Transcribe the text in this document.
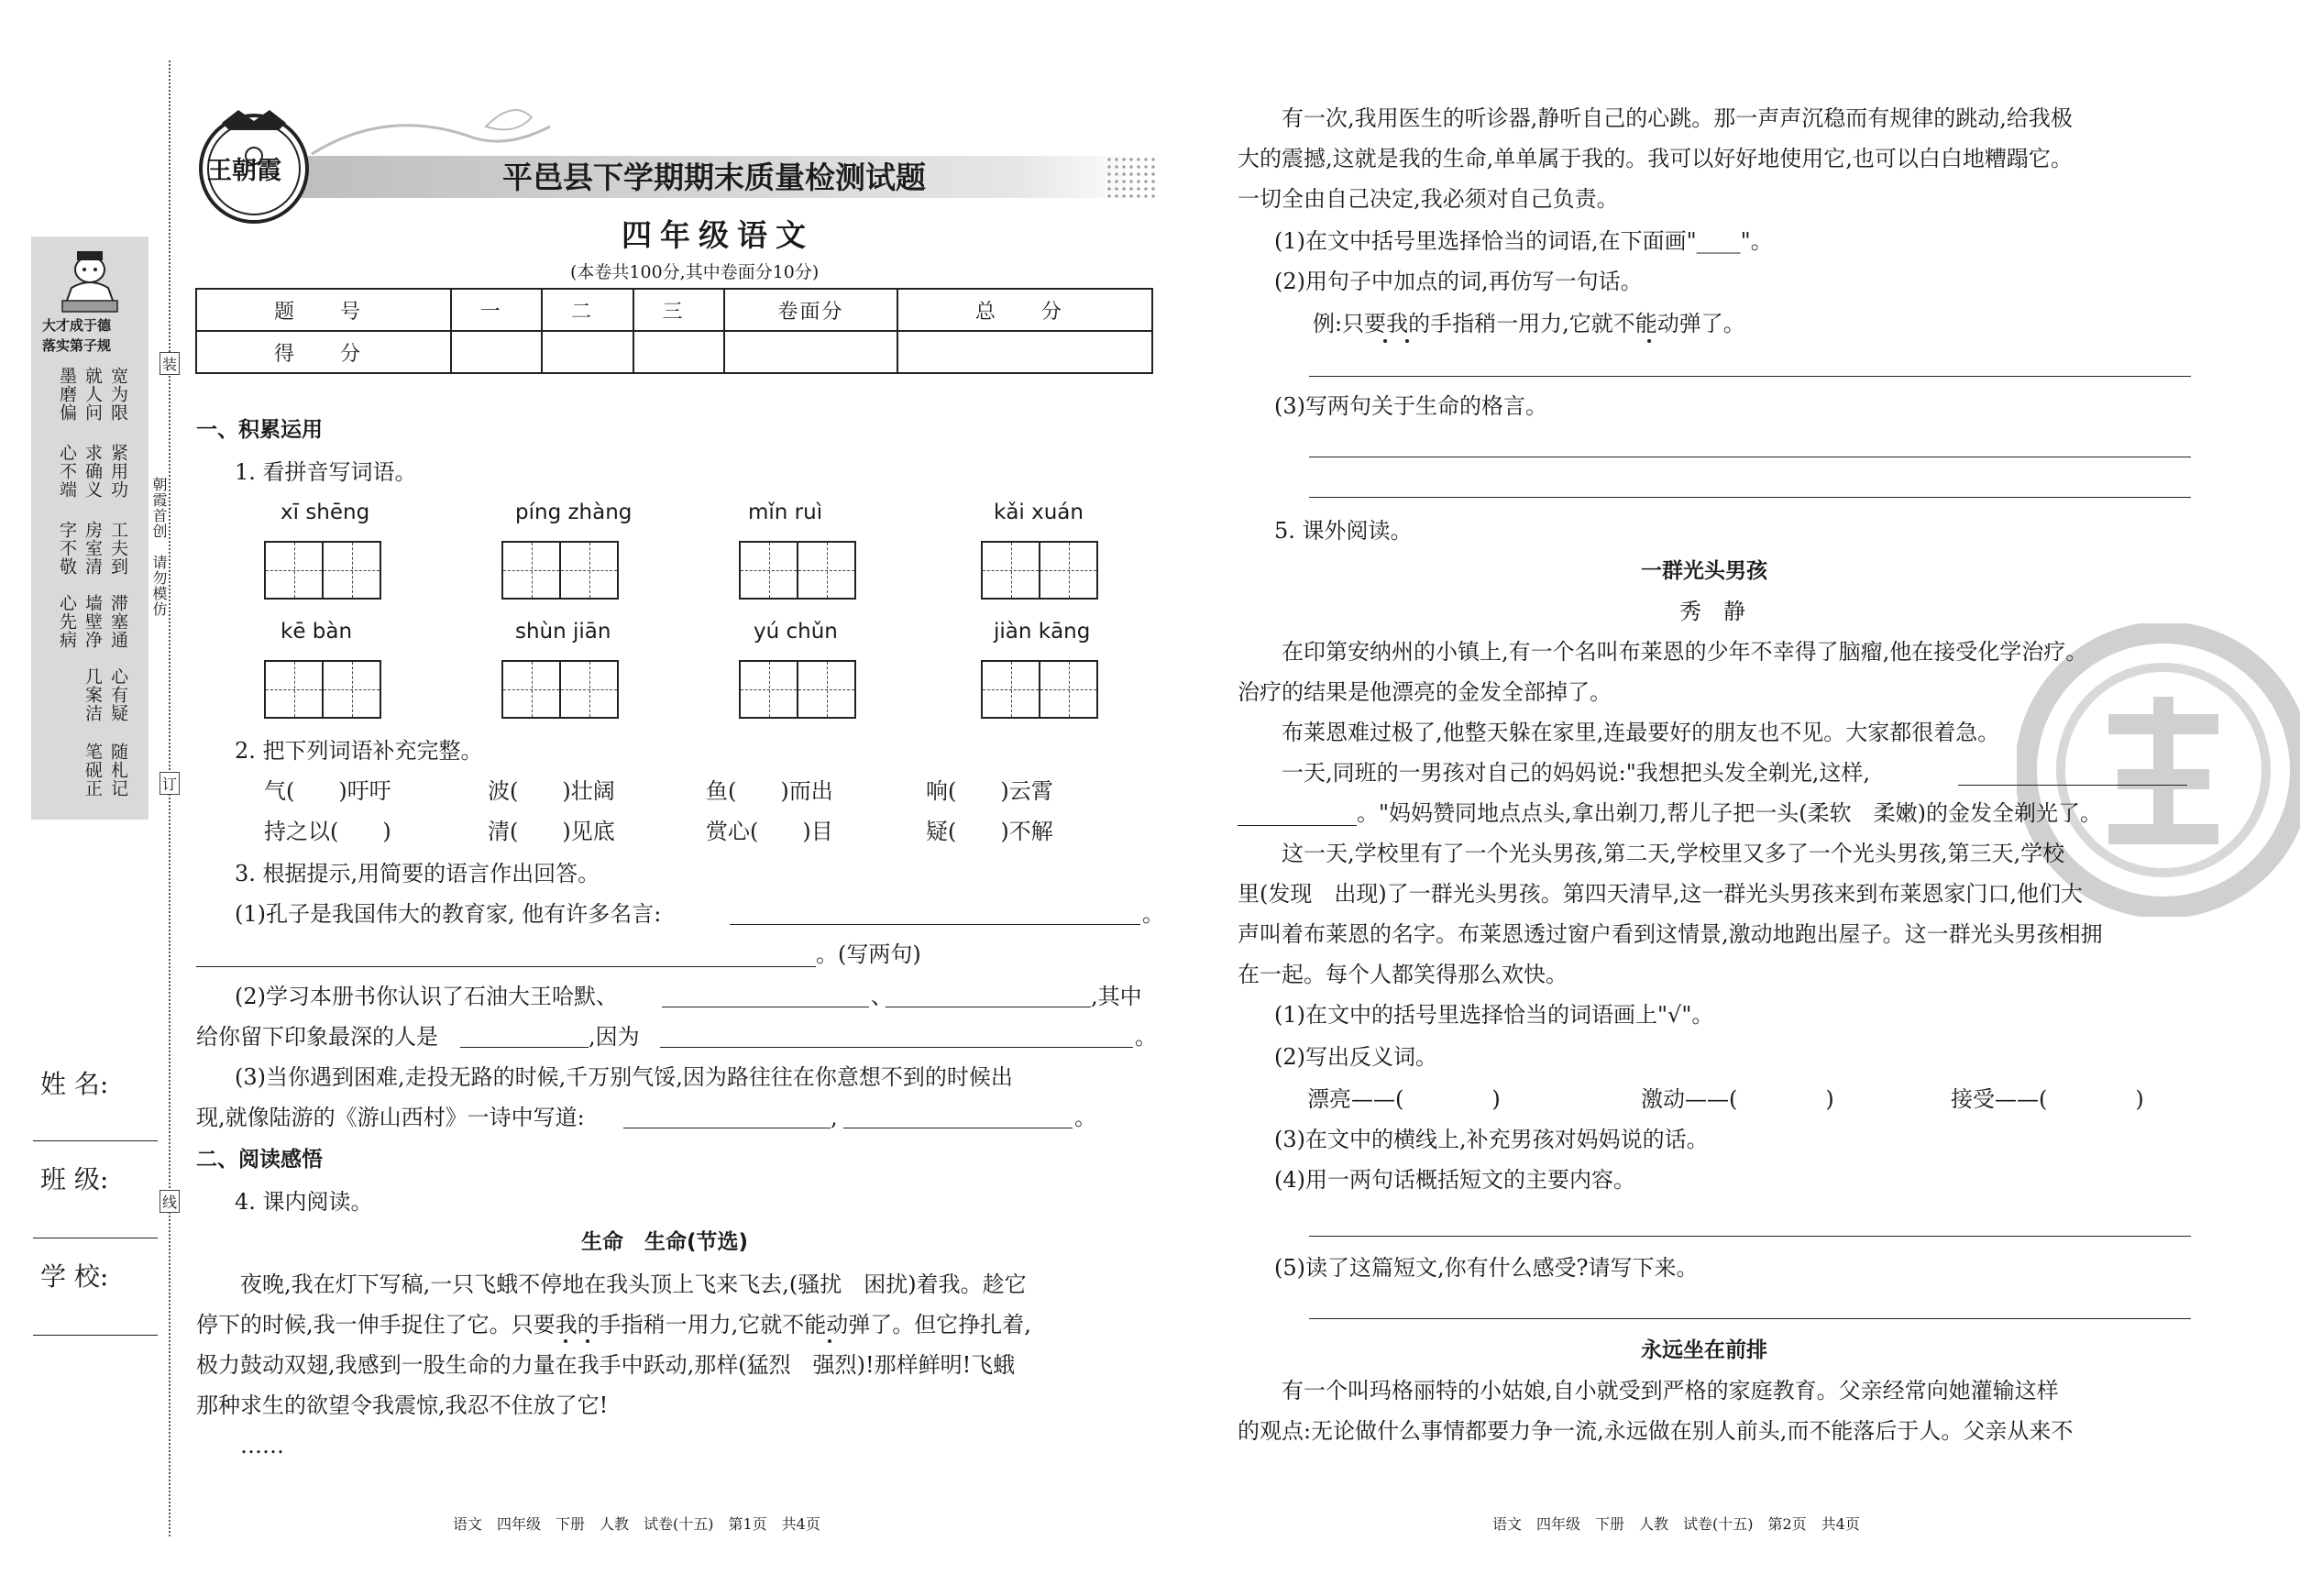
大才成于德
落实第子规
宽为限
紧用功
工夫到
滞塞通
心有疑
随札记
就人问
求确义
房室清
墙壁净
几案洁
笔砚正
墨磨偏
心不端
字不敬
心先病
装
订
线
朝霞首创　请勿模仿
姓 名:
班 级:
学 校:
王朝霞	平邑县下学期期末质量检测试题
四年级语文
(本卷共100分,其中卷面分10分)
题　号	一	二	三	卷面分	总　分
得　分					
一、积累运用
1. 看拼音写词语。
xī shēng	píng zhàng	mǐn ruì	kǎi xuán
kē bàn	shùn jiān	yú chǔn	jiàn kāng
2. 把下列词语补充完整。
气(　　)吁吁	波(　　)壮阔	鱼(　　)而出	响(　　)云霄
持之以(　　)	清(　　)见底	赏心(　　)目	疑(　　)不解
3. 根据提示,用简要的语言作出回答。
(1)孔子是我国伟大的教育家, 他有许多名言:	。
。(写两句)
(2)学习本册书你认识了石油大王哈默、	、	,其中
给你留下印象最深的人是	,因为	。
(3)当你遇到困难,走投无路的时候,千万别气馁,因为路往往在你意想不到的时候出
现,就像陆游的《游山西村》一诗中写道:	,	。
二、阅读感悟
4. 课内阅读。
生命　生命(节选)
　　夜晚,我在灯下写稿,一只飞蛾不停地在我头顶上飞来飞去,(骚扰　困扰)着我。趁它
停下的时候,我一伸手捉住了它。只要我的手指稍一用力,它就不能动弹了。但它挣扎着,
极力鼓动双翅,我感到一股生命的力量在我手中跃动,那样(猛烈　强烈)!那样鲜明!飞蛾
那种求生的欲望令我震惊,我忍不住放了它!
　　……
语文　四年级　下册　人教　试卷(十五)　第1页　共4页
　　有一次,我用医生的听诊器,静听自己的心跳。那一声声沉稳而有规律的跳动,给我极
大的震撼,这就是我的生命,单单属于我的。我可以好好地使用它,也可以白白地糟蹋它。
一切全由自己决定,我必须对自己负责。
(1)在文中括号里选择恰当的词语,在下面画"____"。
(2)用句子中加点的词,再仿写一句话。
例:只要我的手指稍一用力,它就不能动弹了。
(3)写两句关于生命的格言。
5. 课外阅读。
一群光头男孩
秀　静
　　在印第安纳州的小镇上,有一个名叫布莱恩的少年不幸得了脑瘤,他在接受化学治疗。
治疗的结果是他漂亮的金发全部掉了。
　　布莱恩难过极了,他整天躲在家里,连最要好的朋友也不见。大家都很着急。
　　一天,同班的一男孩对自己的妈妈说:"我想把头发全剃光,这样,
。"妈妈赞同地点点头,拿出剃刀,帮儿子把一头(柔软　柔嫩)的金发全剃光了。
　　这一天,学校里有了一个光头男孩,第二天,学校里又多了一个光头男孩,第三天,学校
里(发现　出现)了一群光头男孩。第四天清早,这一群光头男孩来到布莱恩家门口,他们大
声叫着布莱恩的名字。布莱恩透过窗户看到这情景,激动地跑出屋子。这一群光头男孩相拥
在一起。每个人都笑得那么欢快。
(1)在文中的括号里选择恰当的词语画上"√"。
(2)写出反义词。
漂亮——(　　　　)	激动——(　　　　)	接受——(　　　　)
(3)在文中的横线上,补充男孩对妈妈说的话。
(4)用一两句话概括短文的主要内容。
(5)读了这篇短文,你有什么感受?请写下来。
永远坐在前排
　　有一个叫玛格丽特的小姑娘,自小就受到严格的家庭教育。父亲经常向她灌输这样
的观点:无论做什么事情都要力争一流,永远做在别人前头,而不能落后于人。父亲从来不
语文　四年级　下册　人教　试卷(十五)　第2页　共4页
